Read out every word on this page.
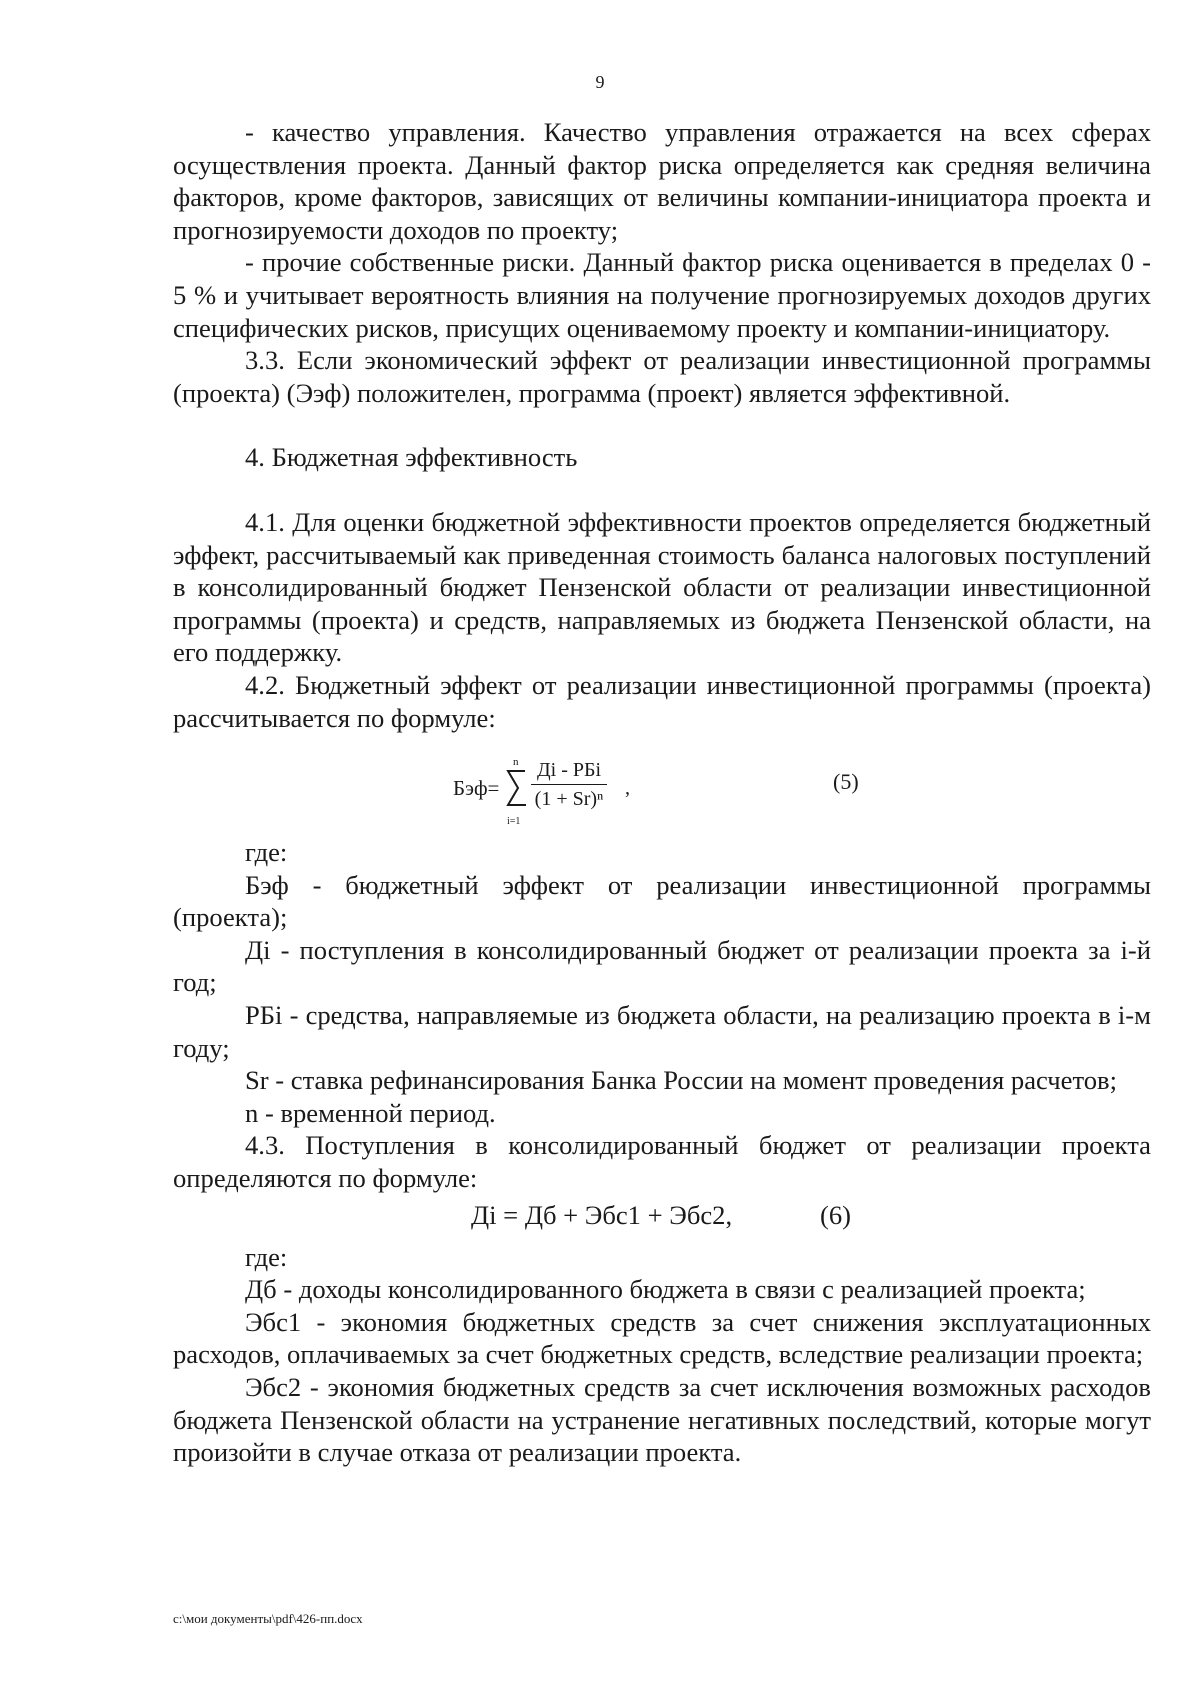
9

- качество управления. Качество управления отражается на всех сферах осуществления проекта. Данный фактор риска определяется как средняя величина факторов, кроме факторов, зависящих от величины компании-инициатора проекта и прогнозируемости доходов по проекту;

- прочие собственные риски. Данный фактор риска оценивается в пределах 0 - 5 % и учитывает вероятность влияния на получение прогнозируемых доходов других специфических рисков, присущих оцениваемому проекту и компании-инициатору.

3.3. Если экономический эффект от реализации инвестиционной программы (проекта) (Ээф) положителен, программа (проект) является эффективной.

4. Бюджетная эффективность

4.1. Для оценки бюджетной эффективности проектов определяется бюджетный эффект, рассчитываемый как приведенная стоимость баланса налоговых поступлений в консолидированный бюджет Пензенской области от реализации инвестиционной программы (проекта) и средств, направляемых из бюджета Пензенской области, на его поддержку.

4.2. Бюджетный эффект от реализации инвестиционной программы (проекта) рассчитывается по формуле:

Бэф=
n
i=1
Дi - РБi
(1 + Sr)ⁿ ,	(5)

где:

Бэф - бюджетный эффект от реализации инвестиционной программы (проекта);

Дi - поступления в консолидированный бюджет от реализации проекта за i-й год;

РБi - средства, направляемые из бюджета области, на реализацию проекта в i-м году;

Sr - ставка рефинансирования Банка России на момент проведения расчетов;

n - временной период.

4.3. Поступления в консолидированный бюджет от реализации проекта определяются по формуле:

Дi = Дб + Эбс1 + Эбс2,	(6)

где:

Дб - доходы консолидированного бюджета в связи с реализацией проекта;

Эбс1 - экономия бюджетных средств за счет снижения эксплуатационных расходов, оплачиваемых за счет бюджетных средств, вследствие реализации проекта;

Эбс2 - экономия бюджетных средств за счет исключения возможных расходов бюджета Пензенской области на устранение негативных последствий, которые могут произойти в случае отказа от реализации проекта.

c:\мои документы\pdf\426-пп.docx
